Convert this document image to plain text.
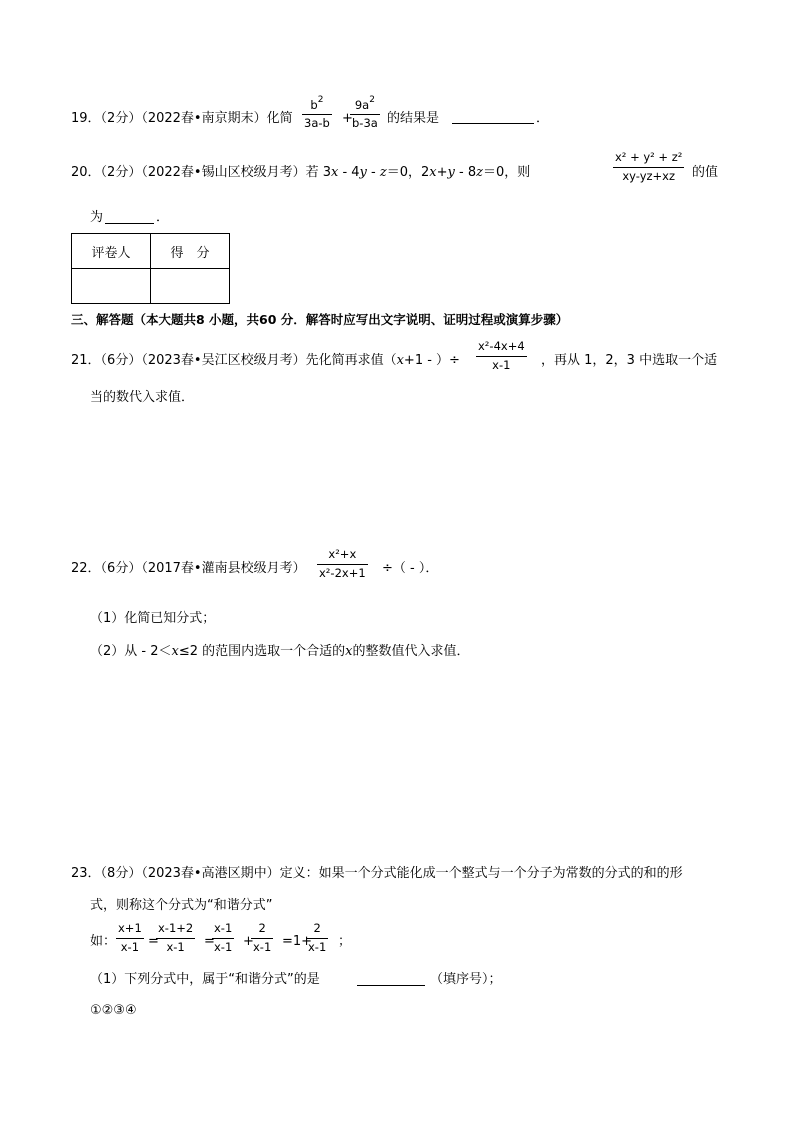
19．（2分）（2022春•南京期末）化简
$b^2$
3a-b +
$9a^2$
b-3a 的结果是	．
20．（2分）（2022春•锡山区校级月考）若 3x - 4y - z＝0，2x+y - 8z＝0，则
x² + y² + z²
xy-yz+xz	的值
为	．
评卷人	得　分

三、解答题（本大题共8 小题，共60 分．解答时应写出文字说明、证明过程或演算步骤）
21．（6分）（2023春•吴江区校级月考）先化简再求值（x+1 - ）÷
x²-4x+4
x-1	，再从 1，2，3 中选取一个适
当的数代入求值．
22．（6分）（2017春•灌南县校级月考）
x²+x
x²-2x+1 ÷（ - ）．
（1）化简已知分式；
（2）从 - 2＜x≤2 的范围内选取一个合适的x的整数值代入求值．
23．（8分）（2023春•高港区期中）定义：如果一个分式能化成一个整式与一个分子为常数的分式的和的形
式，则称这个分式为“和谐分式”
如：
x+1
x-1 =
x-1+2
x-1	=
x-1
x-1 +
2
x-1 =1+
2
x-1 ；
（1）下列分式中，属于“和谐分式”的是	（填序号）；
①②③④
